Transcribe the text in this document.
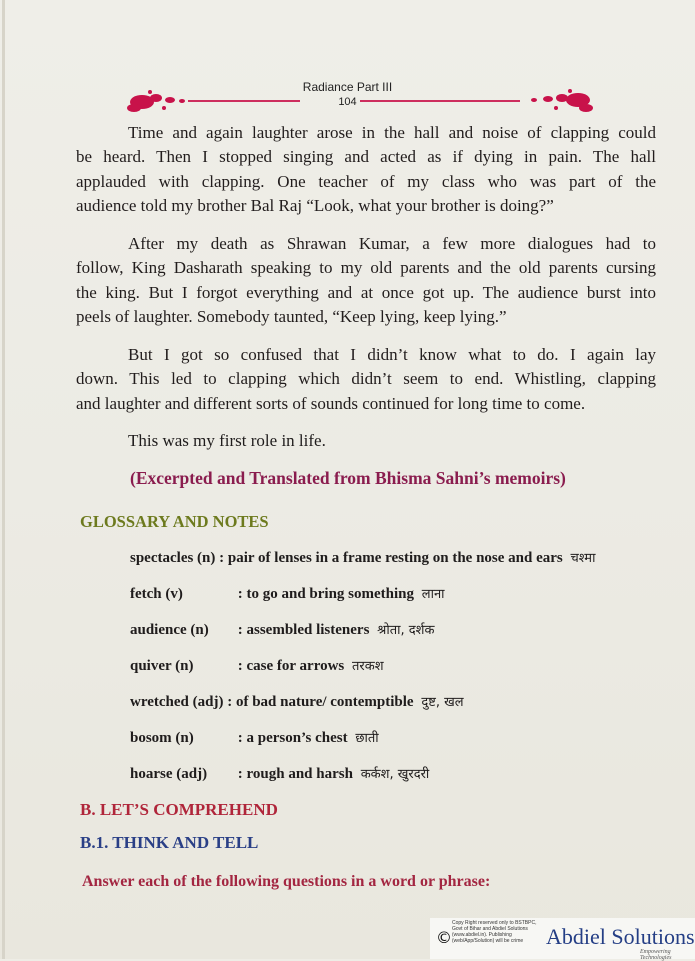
Radiance Part III
104

Time and again laughter arose in the hall and noise of clapping could
be heard. Then I stopped singing and acted as if dying in pain. The hall
applauded with clapping. One teacher of my class who was part of the
audience told my brother Bal Raj “Look, what your brother is doing?”

After my death as Shrawan Kumar, a few more dialogues had to
follow, King Dasharath speaking to my old parents and the old parents cursing
the king. But I forgot everything and at once got up. The audience burst into
peels of laughter. Somebody taunted, “Keep lying, keep lying.”

But I got so confused that I didn’t know what to do. I again lay
down. This led to clapping which didn’t seem to end. Whistling, clapping
and laughter and different sorts of sounds continued for long time to come.

This was my first role in life.

(Excerpted and Translated from Bhisma Sahni’s memoirs)

GLOSSARY AND NOTES

spectacles (n) : pair of lenses in a frame resting on the nose and ears चश्मा

fetch (v)	: to go and bring something लाना

audience (n) : assembled listeners श्रोता, दर्शक

quiver (n)	: case for arrows तरकश

wretched (adj) : of bad nature/ contemptible दुष्ट, खल

bosom (n)	: a person’s chest छाती

hoarse (adj) : rough and harsh कर्कश, खुरदरी

B. LET’S COMPREHEND
B.1. THINK AND TELL

Answer each of the following questions in a word or phrase:

©
Copy Right reserved only to BSTBPC, Govt of Bihar and Abdiel Solutions (www.abdiel.in). Publishing (web/App/Solution) will be crime	Abdiel Solutions
Empowering Technologies
